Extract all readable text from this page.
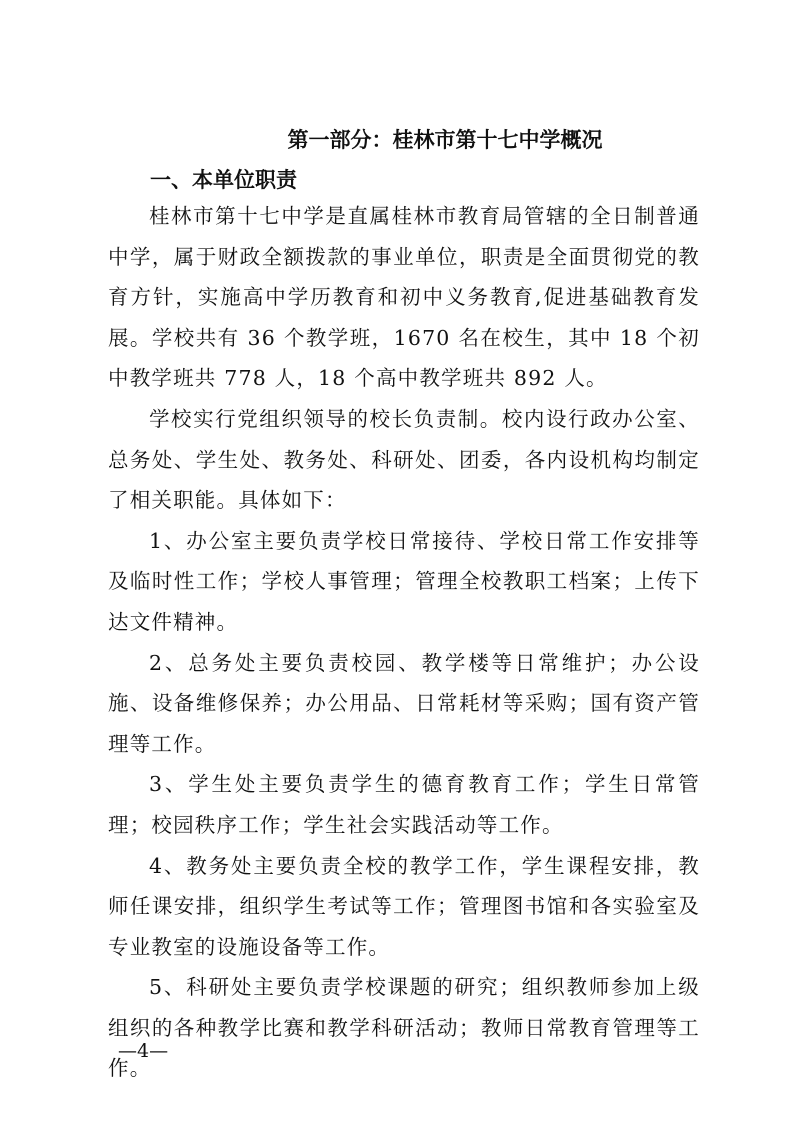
第一部分：桂林市第十七中学概况
一、本单位职责

桂林市第十七中学是直属桂林市教育局管辖的全日制普通中学，属于财政全额拨款的事业单位，职责是全面贯彻党的教育方针，实施高中学历教育和初中义务教育,促进基础教育发展。学校共有 36 个教学班，1670 名在校生，其中 18 个初中教学班共 778 人，18 个高中教学班共 892 人。

学校实行党组织领导的校长负责制。校内设行政办公室、总务处、学生处、教务处、科研处、团委，各内设机构均制定了相关职能。具体如下：

1、办公室主要负责学校日常接待、学校日常工作安排等及临时性工作；学校人事管理；管理全校教职工档案；上传下达文件精神。

2、总务处主要负责校园、教学楼等日常维护；办公设施、设备维修保养；办公用品、日常耗材等采购；国有资产管理等工作。

3、学生处主要负责学生的德育教育工作；学生日常管理；校园秩序工作；学生社会实践活动等工作。

4、教务处主要负责全校的教学工作，学生课程安排，教师任课安排，组织学生考试等工作；管理图书馆和各实验室及专业教室的设施设备等工作。

5、科研处主要负责学校课题的研究；组织教师参加上级组织的各种教学比赛和教学科研活动；教师日常教育管理等工作。

—4—
